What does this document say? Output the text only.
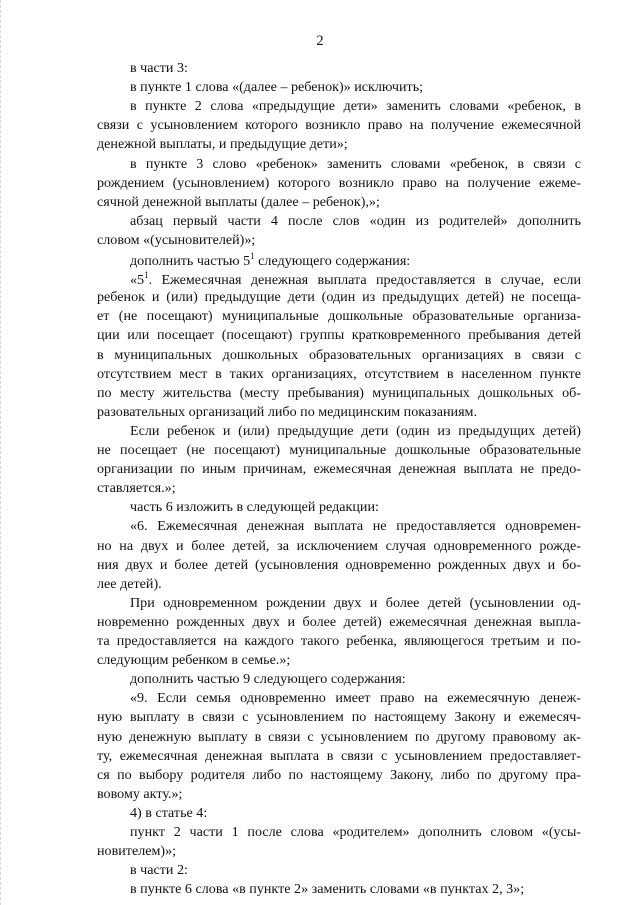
2
в части 3:
в пункте 1 слова «(далее – ребенок)» исключить;
в пункте 2 слова «предыдущие дети» заменить словами «ребенок, в
связи с усыновлением которого возникло право на получение ежемесячной
денежной выплаты, и предыдущие дети»;
в пункте 3 слово «ребенок» заменить словами «ребенок, в связи с
рождением (усыновлением) которого возникло право на получение ежеме-
сячной денежной выплаты (далее – ребенок),»;
абзац первый части 4 после слов «один из родителей» дополнить
словом «(усыновителей)»;
дополнить частью $5^1$ следующего содержания:
«$5^1$. Ежемесячная денежная выплата предоставляется в случае, если
ребенок и (или) предыдущие дети (один из предыдущих детей) не посеща-
ет (не посещают) муниципальные дошкольные образовательные организа-
ции или посещает (посещают) группы кратковременного пребывания детей
в муниципальных дошкольных образовательных организациях в связи с
отсутствием мест в таких организациях, отсутствием в населенном пункте
по месту жительства (месту пребывания) муниципальных дошкольных об-
разовательных организаций либо по медицинским показаниям.
Если ребенок и (или) предыдущие дети (один из предыдущих детей)
не посещает (не посещают) муниципальные дошкольные образовательные
организации по иным причинам, ежемесячная денежная выплата не предо-
ставляется.»;
часть 6 изложить в следующей редакции:
«6. Ежемесячная денежная выплата не предоставляется одновремен-
но на двух и более детей, за исключением случая одновременного рожде-
ния двух и более детей (усыновления одновременно рожденных двух и бо-
лее детей).
При одновременном рождении двух и более детей (усыновлении од-
новременно рожденных двух и более детей) ежемесячная денежная выпла-
та предоставляется на каждого такого ребенка, являющегося третьим и по-
следующим ребенком в семье.»;
дополнить частью 9 следующего содержания:
«9. Если семья одновременно имеет право на ежемесячную денеж-
ную выплату в связи с усыновлением по настоящему Закону и ежемесяч-
ную денежную выплату в связи с усыновлением по другому правовому ак-
ту, ежемесячная денежная выплата в связи с усыновлением предоставляет-
ся по выбору родителя либо по настоящему Закону, либо по другому пра-
вовому акту.»;
4) в статье 4:
пункт 2 части 1 после слова «родителем» дополнить словом «(усы-
новителем)»;
в части 2:
в пункте 6 слова «в пункте 2» заменить словами «в пунктах 2, 3»;
